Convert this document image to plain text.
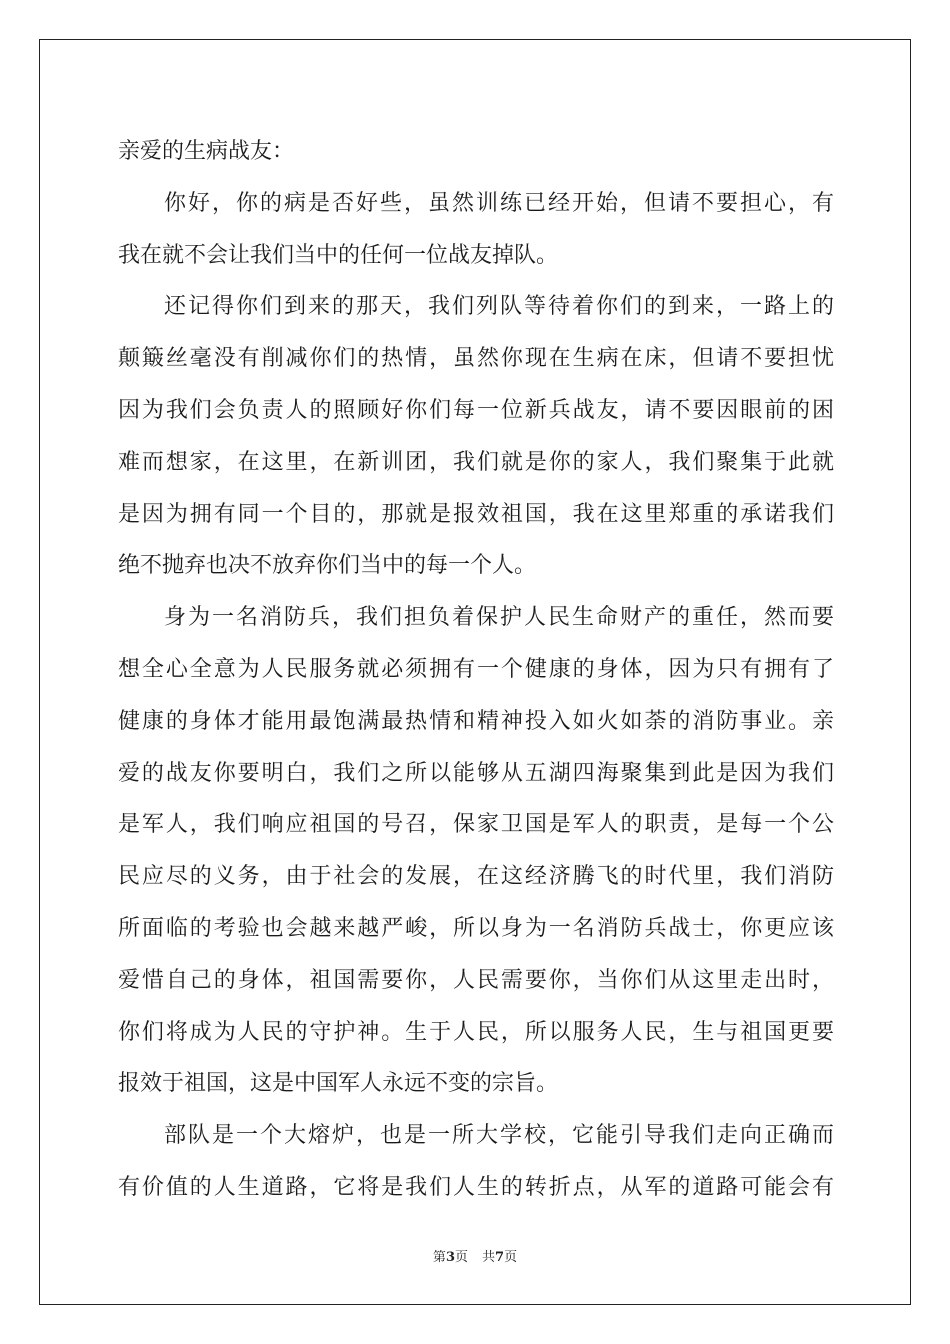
亲爱的生病战友：
你好，你的病是否好些，虽然训练已经开始，但请不要担心，有
我在就不会让我们当中的任何一位战友掉队。
还记得你们到来的那天，我们列队等待着你们的到来，一路上的
颠簸丝毫没有削减你们的热情，虽然你现在生病在床，但请不要担忧
因为我们会负责人的照顾好你们每一位新兵战友，请不要因眼前的困
难而想家，在这里，在新训团，我们就是你的家人，我们聚集于此就
是因为拥有同一个目的，那就是报效祖国，我在这里郑重的承诺我们
绝不抛弃也决不放弃你们当中的每一个人。
身为一名消防兵，我们担负着保护人民生命财产的重任，然而要
想全心全意为人民服务就必须拥有一个健康的身体，因为只有拥有了
健康的身体才能用最饱满最热情和精神投入如火如荼的消防事业。亲
爱的战友你要明白，我们之所以能够从五湖四海聚集到此是因为我们
是军人，我们响应祖国的号召，保家卫国是军人的职责，是每一个公
民应尽的义务，由于社会的发展，在这经济腾飞的时代里，我们消防
所面临的考验也会越来越严峻，所以身为一名消防兵战士，你更应该
爱惜自己的身体，祖国需要你，人民需要你，当你们从这里走出时，
你们将成为人民的守护神。生于人民，所以服务人民，生与祖国更要
报效于祖国，这是中国军人永远不变的宗旨。
部队是一个大熔炉，也是一所大学校，它能引导我们走向正确而
有价值的人生道路，它将是我们人生的转折点，从军的道路可能会有
第3页 共7页
